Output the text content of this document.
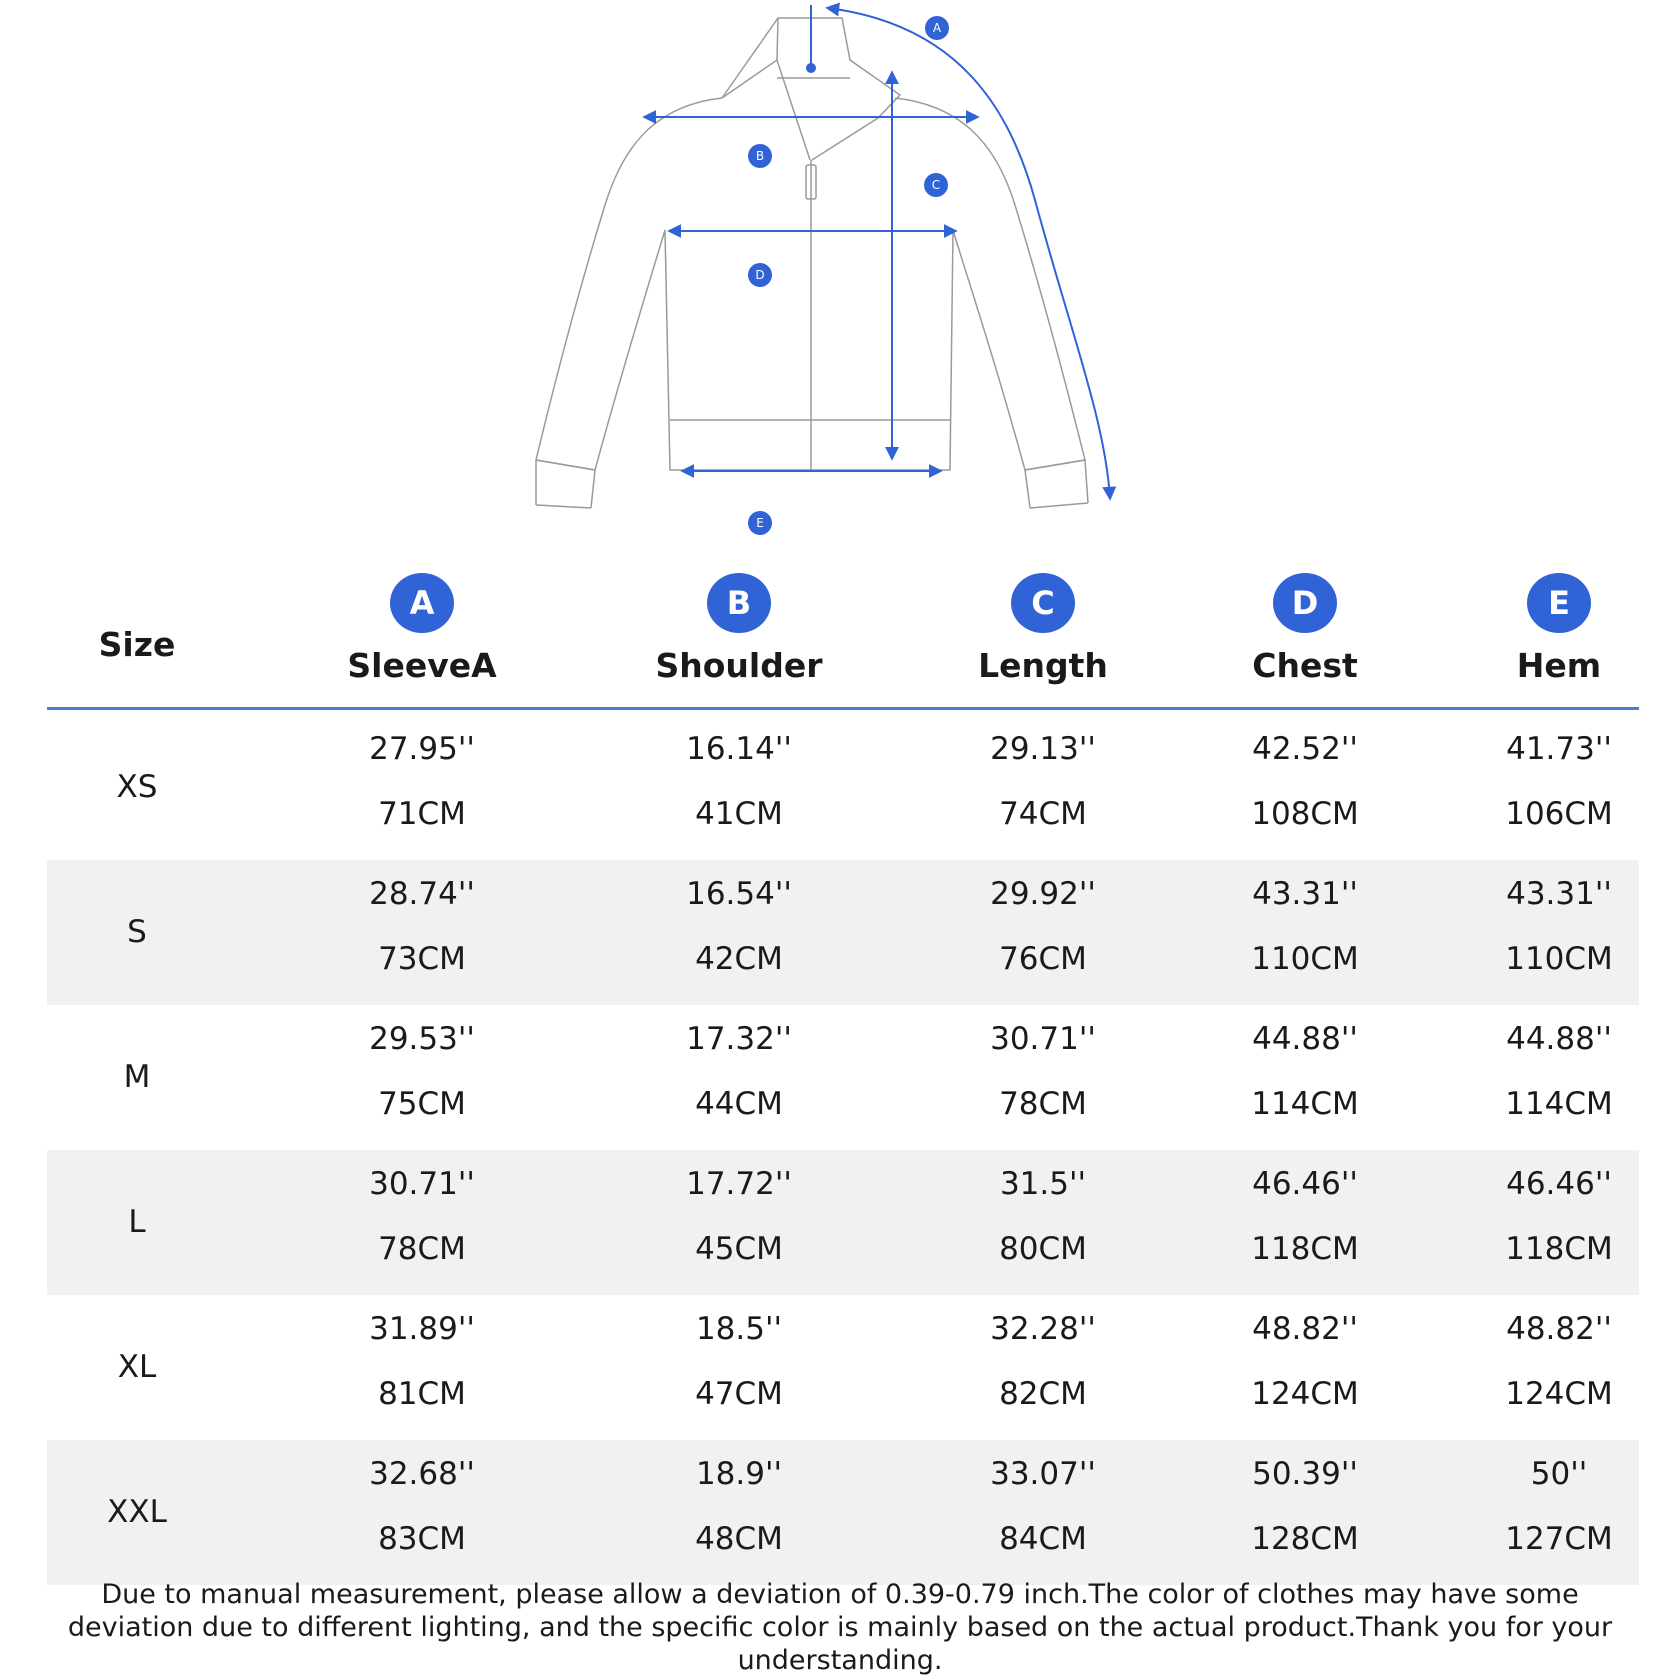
A
B
C
D
E
Size
A
SleeveA
B
Shoulder
C
Length
D
Chest
E
Hem
XS
27.95''
71CM
16.14''
41CM
29.13''
74CM
42.52''
108CM
41.73''
106CM
S
28.74''
73CM
16.54''
42CM
29.92''
76CM
43.31''
110CM
43.31''
110CM
M
29.53''
75CM
17.32''
44CM
30.71''
78CM
44.88''
114CM
44.88''
114CM
L
30.71''
78CM
17.72''
45CM
31.5''
80CM
46.46''
118CM
46.46''
118CM
XL
31.89''
81CM
18.5''
47CM
32.28''
82CM
48.82''
124CM
48.82''
124CM
XXL
32.68''
83CM
18.9''
48CM
33.07''
84CM
50.39''
128CM
50''
127CM
Due to manual measurement, please allow a deviation of 0.39-0.79 inch.The color of clothes may have some deviation due to different lighting, and the specific color is mainly based on the actual product.Thank you for your understanding.
